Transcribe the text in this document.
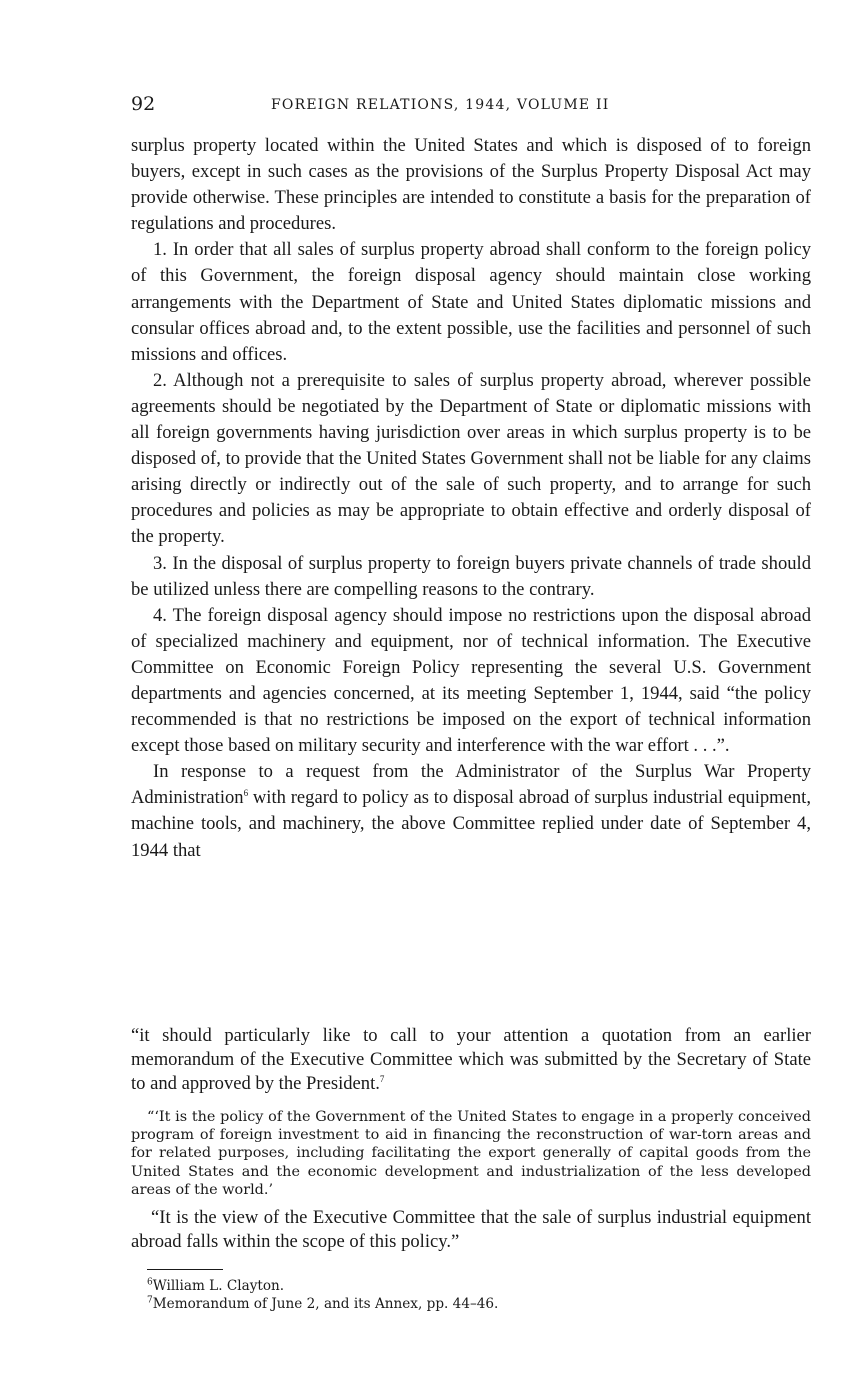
92	FOREIGN RELATIONS, 1944, VOLUME II

surplus property located within the United States and which is disposed of to foreign buyers, except in such cases as the provisions of the Surplus Property Disposal Act may provide otherwise. These principles are intended to constitute a basis for the preparation of regulations and procedures.

1. In order that all sales of surplus property abroad shall conform to the foreign policy of this Government, the foreign disposal agency should maintain close working arrangements with the Department of State and United States diplomatic missions and consular offices abroad and, to the extent possible, use the facilities and personnel of such missions and offices.

2. Although not a prerequisite to sales of surplus property abroad, wherever possible agreements should be negotiated by the Department of State or diplomatic missions with all foreign governments having jurisdiction over areas in which surplus property is to be disposed of, to provide that the United States Government shall not be liable for any claims arising directly or indirectly out of the sale of such property, and to arrange for such procedures and policies as may be appropriate to obtain effective and orderly disposal of the property.

3. In the disposal of surplus property to foreign buyers private channels of trade should be utilized unless there are compelling reasons to the contrary.

4. The foreign disposal agency should impose no restrictions upon the disposal abroad of specialized machinery and equipment, nor of technical information. The Executive Committee on Economic Foreign Policy representing the several U.S. Government departments and agencies concerned, at its meeting September 1, 1944, said “the policy recommended is that no restrictions be imposed on the export of technical information except those based on military security and interference with the war effort . . .”.

In response to a request from the Administrator of the Surplus War Property Administration$^6$ with regard to policy as to disposal abroad of surplus industrial equipment, machine tools, and machinery, the above Committee replied under date of September 4, 1944 that

“it should particularly like to call to your attention a quotation from an earlier memorandum of the Executive Committee which was submitted by the Secretary of State to and approved by the President.$^7$
“‘It is the policy of the Government of the United States to engage in a properly conceived program of foreign investment to aid in financing the reconstruction of war-torn areas and for related purposes, including facilitating the export generally of capital goods from the United States and the economic development and industrialization of the less developed areas of the world.’
“It is the view of the Executive Committee that the sale of surplus industrial equipment abroad falls within the scope of this policy.”
$^6$William L. Clayton.
$^7$Memorandum of June 2, and its Annex, pp. 44–46.
